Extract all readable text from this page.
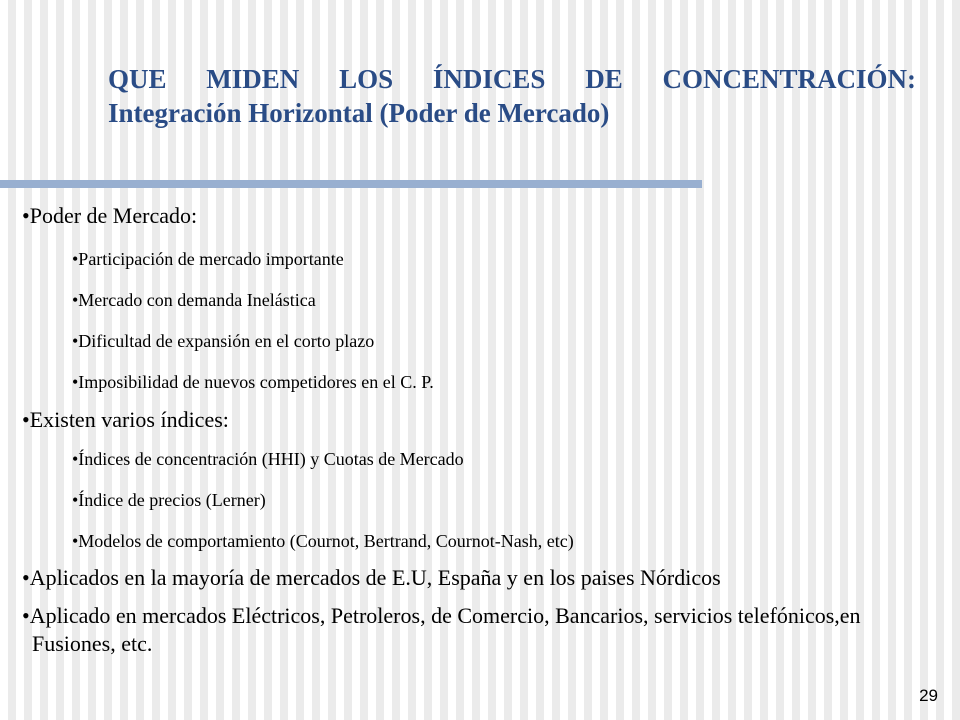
QUE MIDEN LOS ÍNDICES DE CONCENTRACIÓN:
Integración Horizontal (Poder de Mercado)
•Poder de Mercado:
•Participación de mercado importante
•Mercado con demanda Inelástica
•Dificultad de expansión en el corto plazo
•Imposibilidad de nuevos competidores en el C. P.
•Existen varios índices:
•Índices de concentración (HHI) y Cuotas de Mercado
•Índice de precios (Lerner)
•Modelos de comportamiento (Cournot, Bertrand, Cournot-Nash, etc)
•Aplicados en la mayoría de mercados de E.U, España y en los paises Nórdicos
•Aplicado en mercados Eléctricos, Petroleros, de Comercio, Bancarios, servicios telefónicos,en Fusiones, etc.
29
